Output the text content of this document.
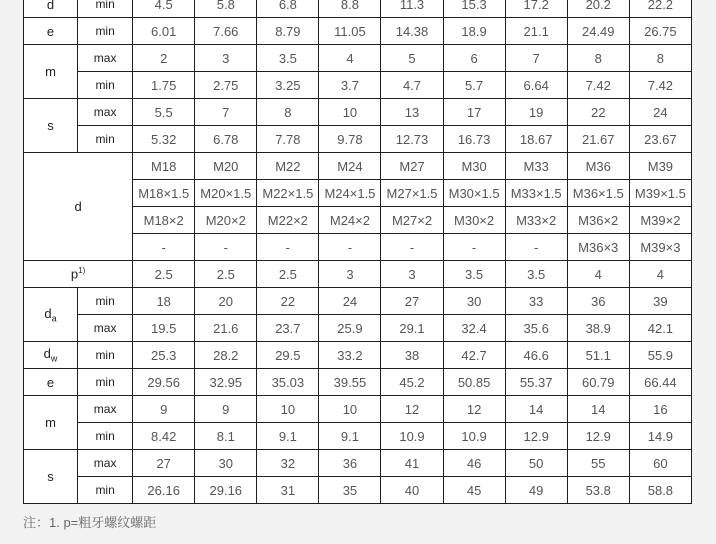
d	min	4.5	5.8	6.8	8.8	11.3	15.3	17.2	20.2	22.2
e	min	6.01	7.66	8.79	11.05	14.38	18.9	21.1	24.49	26.75
m	max	2	3	3.5	4	5	6	7	8	8
	min	1.75	2.75	3.25	3.7	4.7	5.7	6.64	7.42	7.42
s	max	5.5	7	8	10	13	17	19	22	24
	min	5.32	6.78	7.78	9.78	12.73	16.73	18.67	21.67	23.67
d		M18	M20	M22	M24	M27	M30	M33	M36	M39
		M18×1.5	M20×1.5	M22×1.5	M24×1.5	M27×1.5	M30×1.5	M33×1.5	M36×1.5	M39×1.5
		M18×2	M20×2	M22×2	M24×2	M27×2	M30×2	M33×2	M36×2	M39×2
		-	-	-	-	-	-	-	M36×3	M39×3
$p^{1)}$		2.5	2.5	2.5	3	3	3.5	3.5	4	4
$d_a$	min	18	20	22	24	27	30	33	36	39
	max	19.5	21.6	23.7	25.9	29.1	32.4	35.6	38.9	42.1
$d_w$	min	25.3	28.2	29.5	33.2	38	42.7	46.6	51.1	55.9
e	min	29.56	32.95	35.03	39.55	45.2	50.85	55.37	60.79	66.44
m	max	9	9	10	10	12	12	14	14	16
	min	8.42	8.1	9.1	9.1	10.9	10.9	12.9	12.9	14.9
s	max	27	30	32	36	41	46	50	55	60
	min	26.16	29.16	31	35	40	45	49	53.8	58.8
注：1. p=粗牙螺纹螺距
